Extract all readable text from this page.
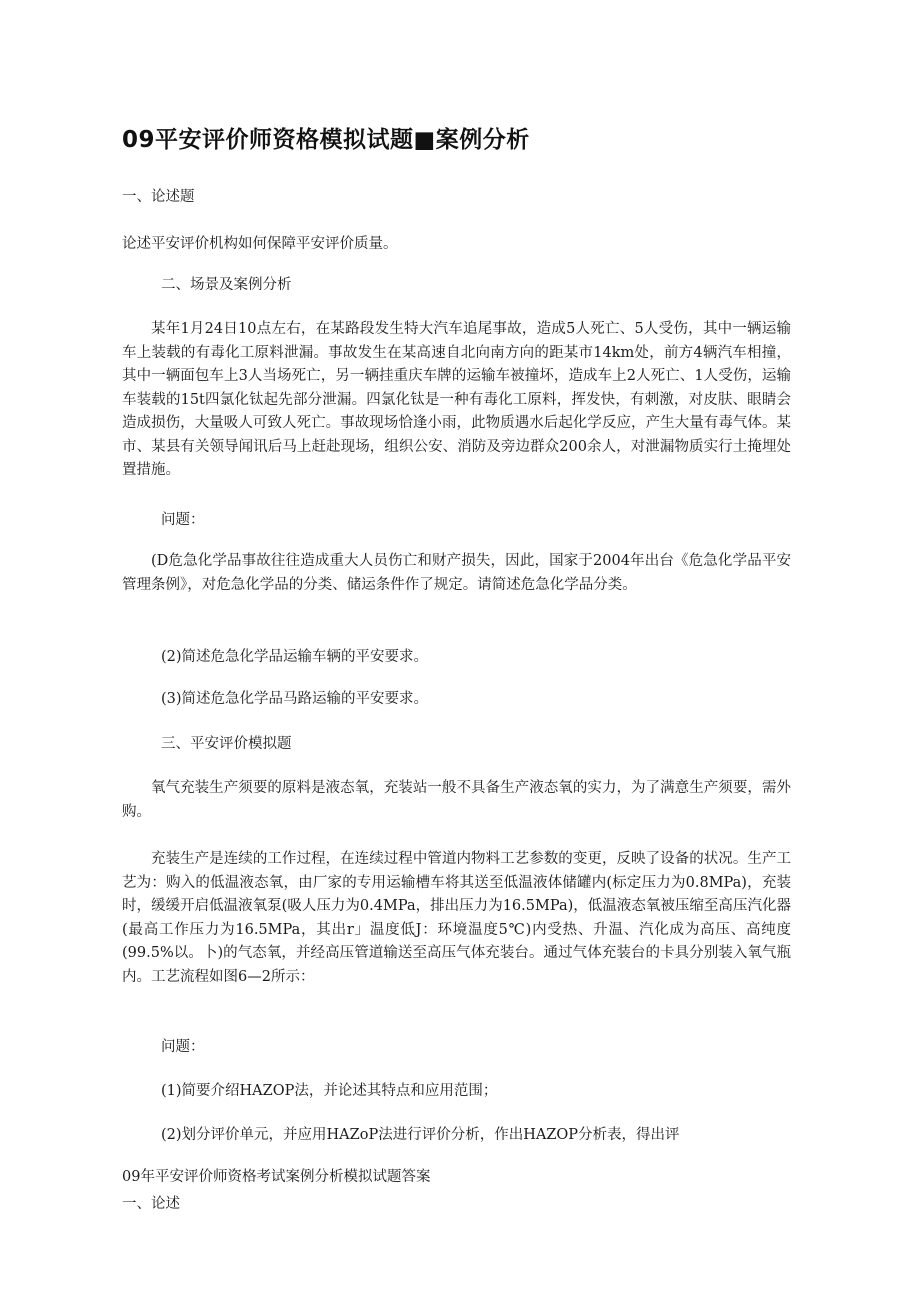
09平安评价师资格模拟试题■案例分析
一、论述题
论述平安评价机构如何保障平安评价质量。
二、场景及案例分析

某年1月24日10点左右，在某路段发生特大汽车追尾事故，造成5人死亡、5人受伤，其中一辆运输车上装载的有毒化工原料泄漏。事故发生在某高速自北向南方向的距某市14km处，前方4辆汽车相撞，其中一辆面包车上3人当场死亡，另一辆挂重庆车牌的运输车被撞坏，造成车上2人死亡、1人受伤，运输车装载的15t四氯化钛起先部分泄漏。四氯化钛是一种有毒化工原料，挥发快，有刺激，对皮肤、眼睛会造成损伤，大量吸人可致人死亡。事故现场恰逢小雨，此物质遇水后起化学反应，产生大量有毒气体。某市、某县有关领导闻讯后马上赶赴现场，组织公安、消防及旁边群众200余人，对泄漏物质实行土掩埋处置措施。

问题：

(D危急化学品事故往往造成重大人员伤亡和财产损失，因此，国家于2004年出台《危急化学品平安管理条例》，对危急化学品的分类、储运条件作了规定。请简述危急化学品分类。

(2)简述危急化学品运输车辆的平安要求。
(3)简述危急化学品马路运输的平安要求。
三、平安评价模拟题

氧气充装生产须要的原料是液态氧，充装站一般不具备生产液态氧的实力，为了满意生产须要，需外购。

充装生产是连续的工作过程，在连续过程中管道内物料工艺参数的变更，反映了设备的状况。生产工艺为：购入的低温液态氧，由厂家的专用运输槽车将其送至低温液体储罐内(标定压力为0.8MPa)，充装时，缓缓开启低温液氧泵(吸人压力为0.4MPa，排出压力为16.5MPa)，低温液态氧被压缩至高压汽化器(最高工作压力为16.5MPa，其出r」温度低J：环境温度5℃)内受热、升温、汽化成为高压、高纯度(99.5%以。卜)的气态氧，并经高压管道输送至高压气体充装台。通过气体充装台的卡具分别装入氧气瓶内。工艺流程如图6—2所示：

问题：
(1)简要介绍HAZOP法，并论述其特点和应用范围；
(2)划分评价单元，并应用HAZoP法进行评价分析，作出HAZOP分析表，得出评
09年平安评价师资格考试案例分析模拟试题答案
一、论述
